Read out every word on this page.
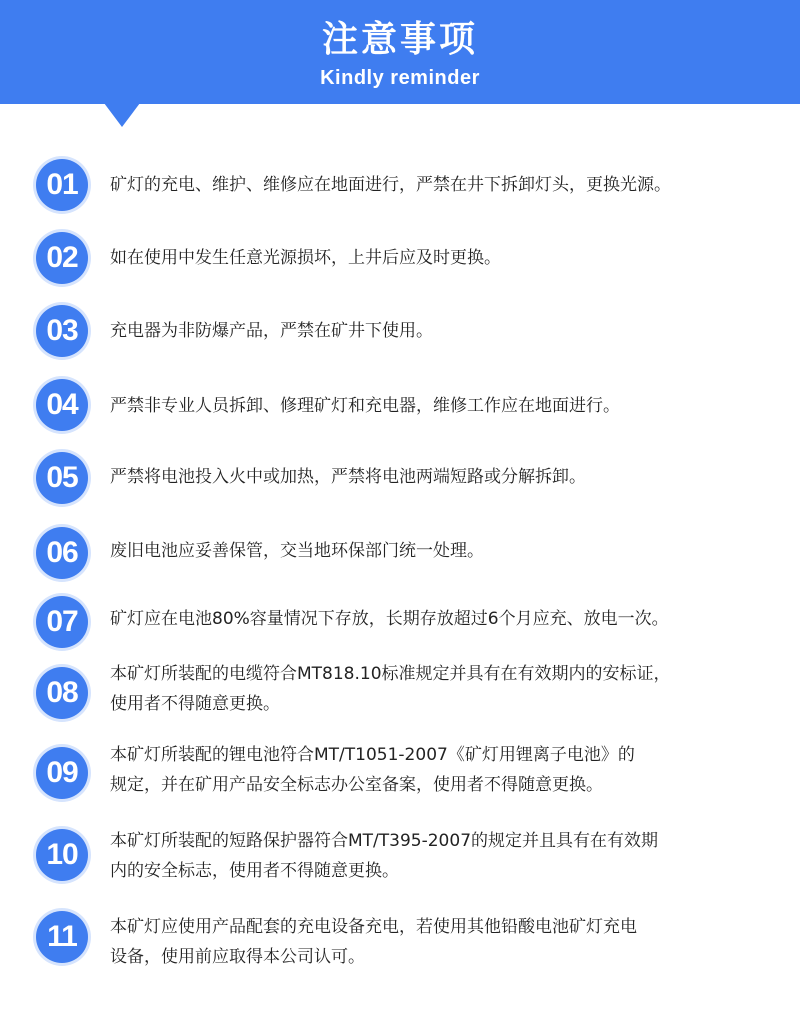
注意事项
Kindly reminder
01	矿灯的充电、维护、维修应在地面进行，严禁在井下拆卸灯头，更换光源。
02	如在使用中发生任意光源损坏，上井后应及时更换。
03	充电器为非防爆产品，严禁在矿井下使用。
04	严禁非专业人员拆卸、修理矿灯和充电器，维修工作应在地面进行。
05	严禁将电池投入火中或加热，严禁将电池两端短路或分解拆卸。
06	废旧电池应妥善保管，交当地环保部门统一处理。
07	矿灯应在电池80%容量情况下存放，长期存放超过6个月应充、放电一次。
08
本矿灯所装配的电缆符合MT818.10标准规定并具有在有效期内的安标证，
使用者不得随意更换。
09
本矿灯所装配的锂电池符合MT/T1051-2007《矿灯用锂离子电池》的
规定，并在矿用产品安全标志办公室备案，使用者不得随意更换。
10	本矿灯所装配的短路保护器符合MT/T395-2007的规定并且具有在有效期
内的安全标志，使用者不得随意更换。
11	本矿灯应使用产品配套的充电设备充电，若使用其他铅酸电池矿灯充电
设备，使用前应取得本公司认可。
